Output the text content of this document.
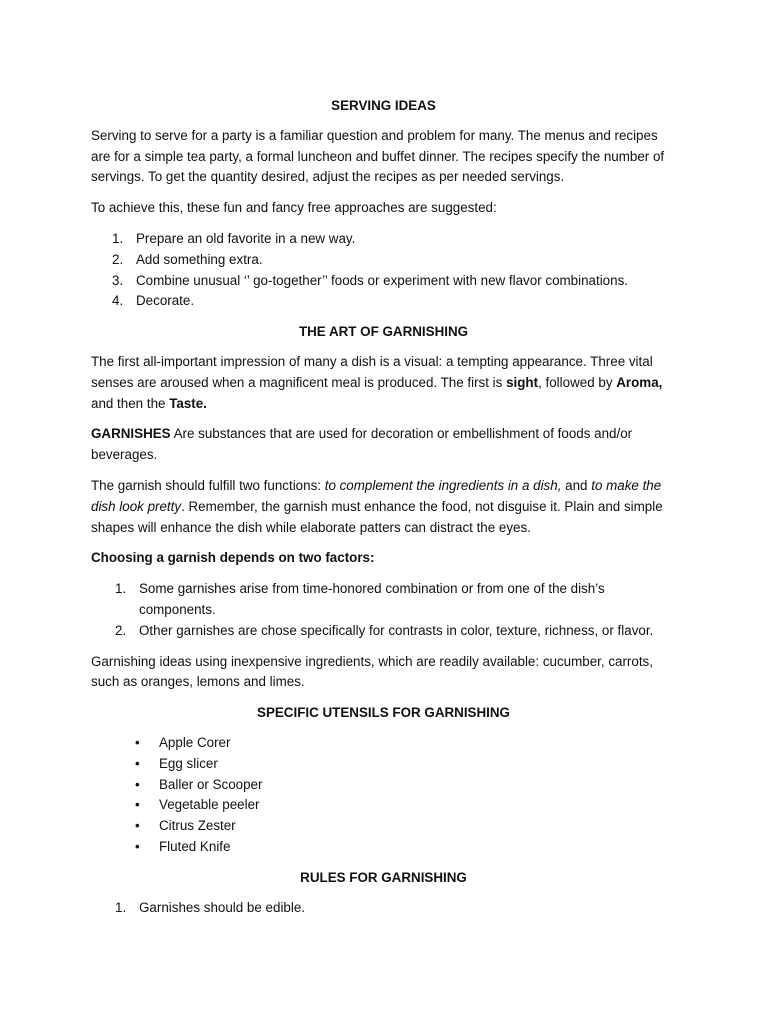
SERVING IDEAS

Serving to serve for a party is a familiar question and problem for many. The menus and recipes are for a simple tea party, a formal luncheon and buffet dinner. The recipes specify the number of servings. To get the quantity desired, adjust the recipes as per needed servings.

To achieve this, these fun and fancy free approaches are suggested:

1. Prepare an old favorite in a new way.
2. Add something extra.
3. Combine unusual ‘’ go-together’’ foods or experiment with new flavor combinations.
4. Decorate.
THE ART OF GARNISHING

The first all-important impression of many a dish is a visual: a tempting appearance. Three vital senses are aroused when a magnificent meal is produced. The first is sight, followed by Aroma, and then the Taste.

GARNISHES Are substances that are used for decoration or embellishment of foods and/or beverages.

The garnish should fulfill two functions: to complement the ingredients in a dish, and to make the dish look pretty. Remember, the garnish must enhance the food, not disguise it. Plain and simple shapes will enhance the dish while elaborate patters can distract the eyes.

Choosing a garnish depends on two factors:

1. Some garnishes arise from time-honored combination or from one of the dish’s components.
2. Other garnishes are chose specifically for contrasts in color, texture, richness, or flavor.

Garnishing ideas using inexpensive ingredients, which are readily available: cucumber, carrots, such as oranges, lemons and limes.

SPECIFIC UTENSILS FOR GARNISHING
• Apple Corer
• Egg slicer
• Baller or Scooper
• Vegetable peeler
• Citrus Zester
• Fluted Knife
RULES FOR GARNISHING
1. Garnishes should be edible.
